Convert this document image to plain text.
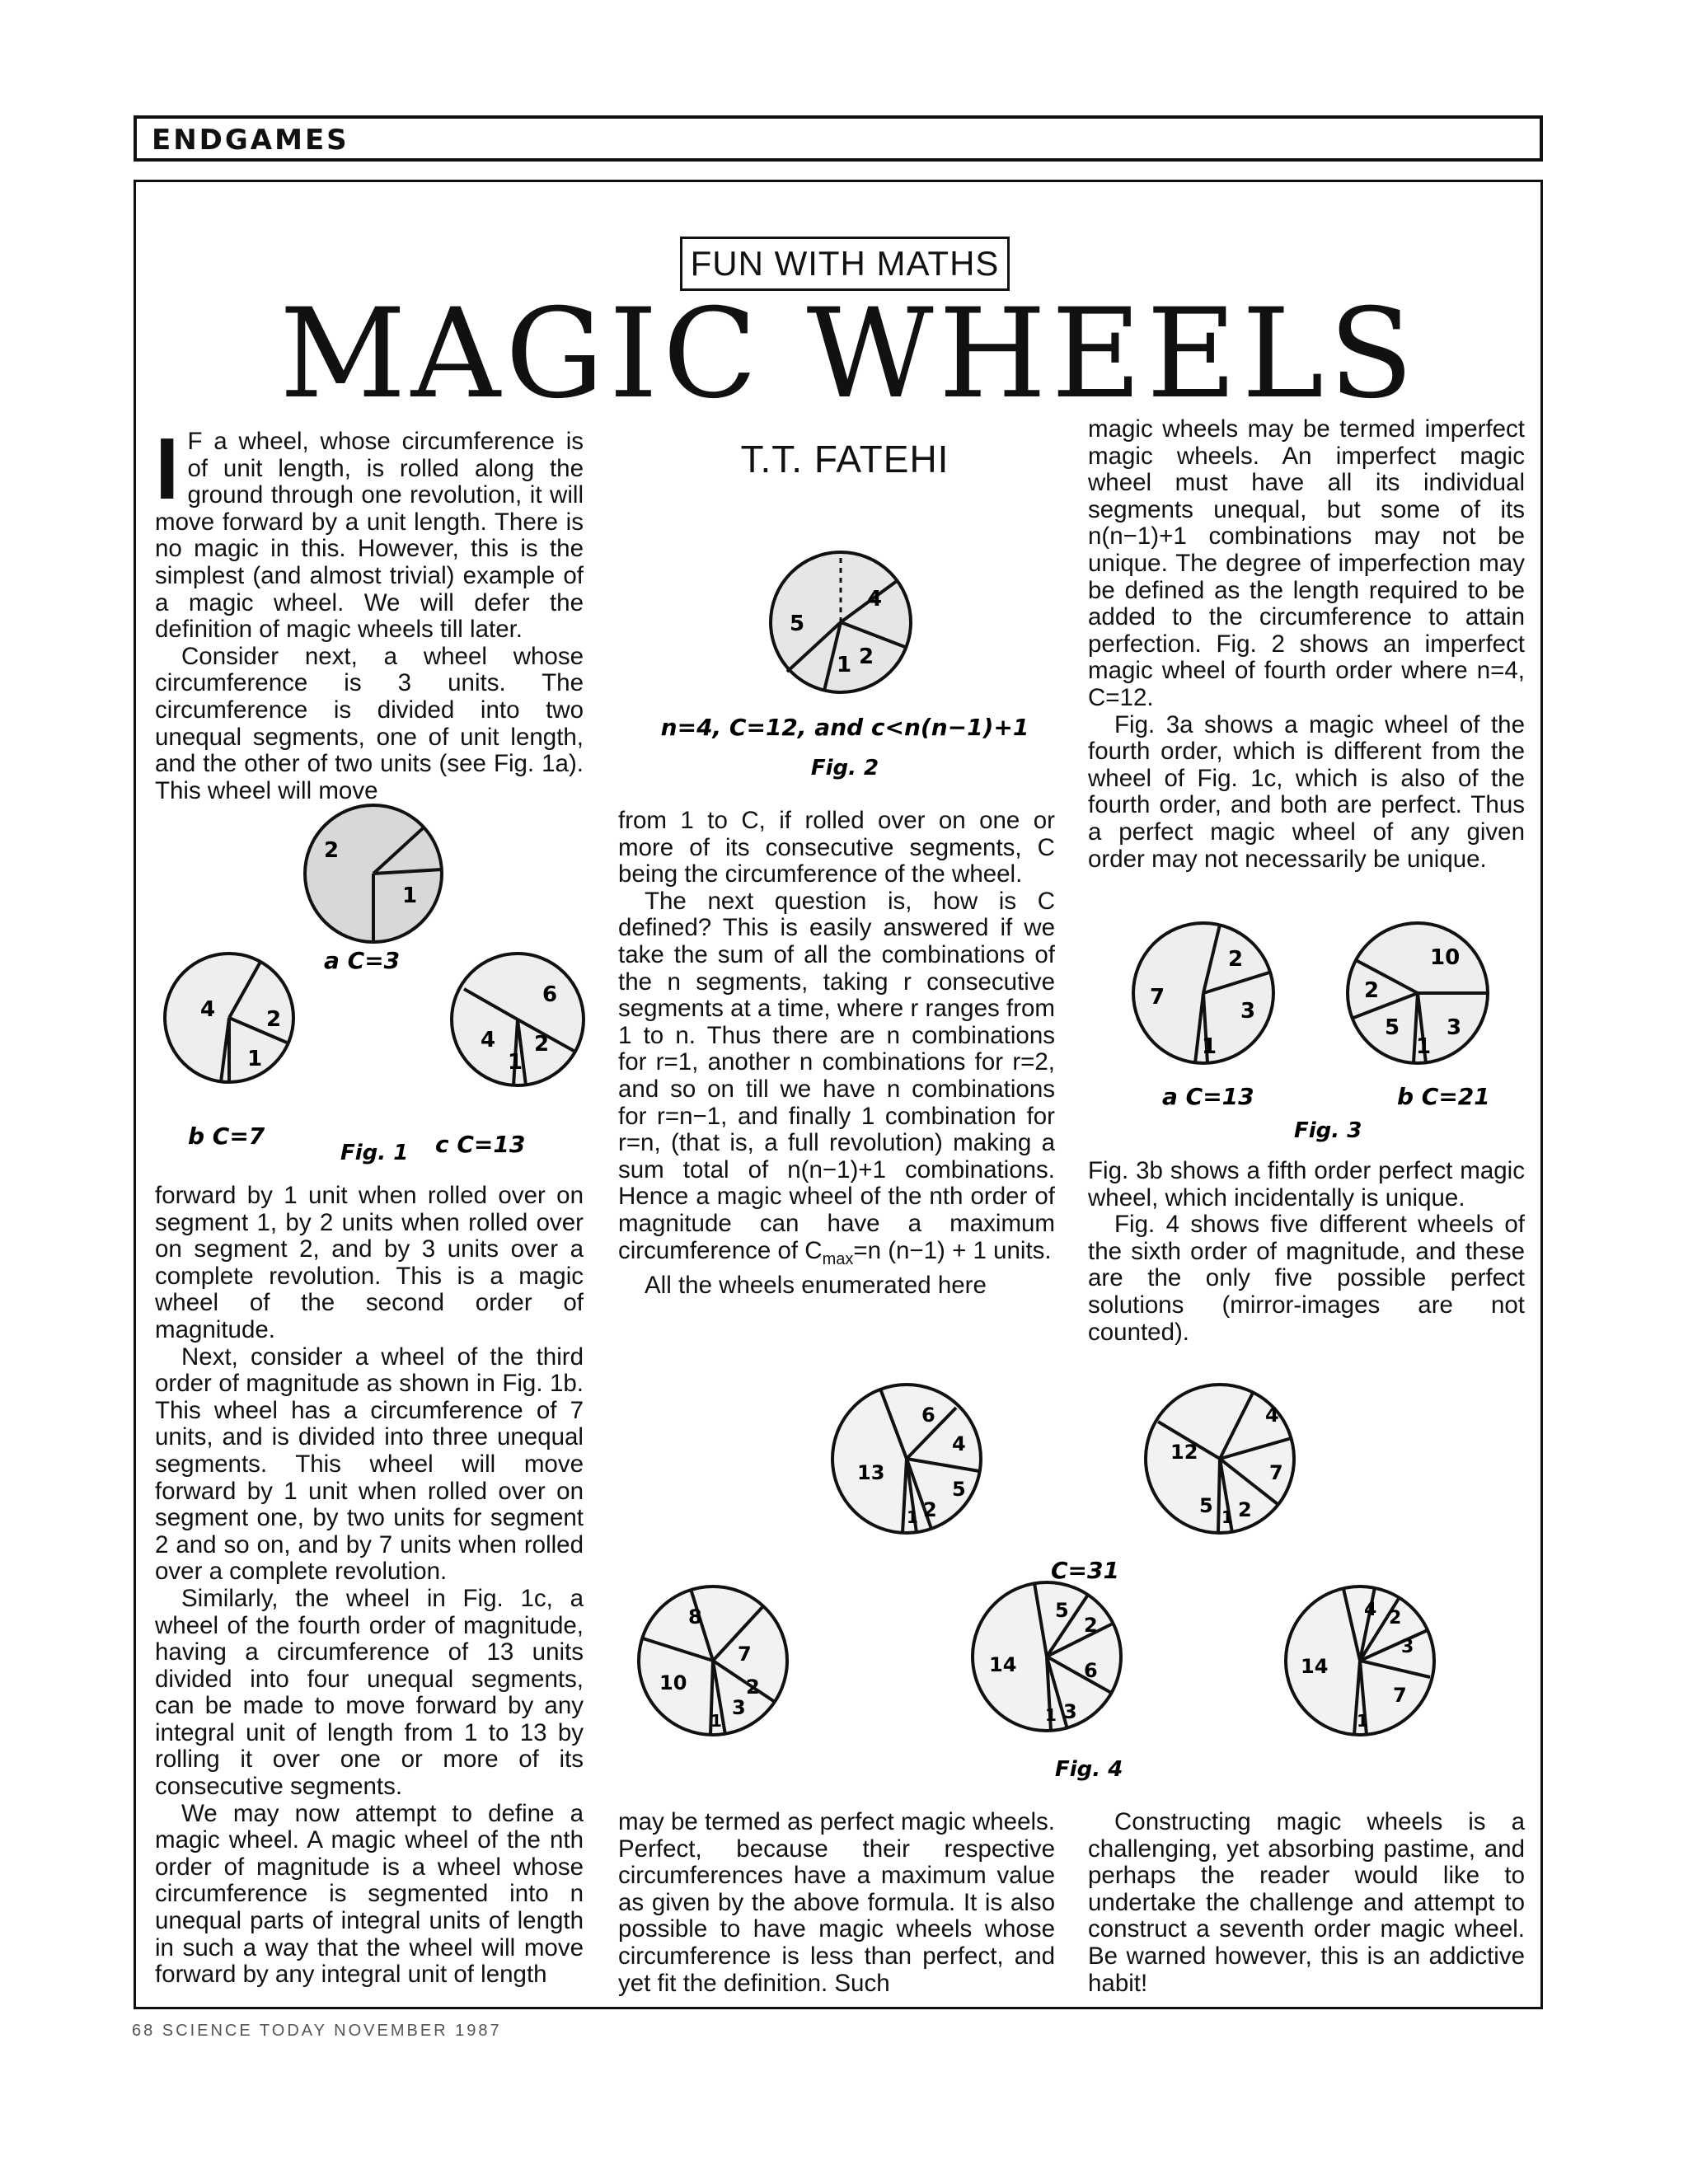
ENDGAMES
FUN WITH MATHS
MAGIC WHEELS
T.T. FATEHI

I F a wheel, whose circumference is of unit length, is rolled along the ground through one revolution, it will move forward by a unit length. There is no magic in this. However, this is the simplest (and almost trivial) example of a magic wheel. We will defer the definition of magic wheels till later.

Consider next, a wheel whose circumference is 3 units. The circumference is divided into two unequal segments, one of unit length, and the other of two units (see Fig. 1a). This wheel will move

2
1
a C=3
4 2
1
b C=7
6
4
1
2
c C=13
Fig. 1

forward by 1 unit when rolled over on segment 1, by 2 units when rolled over on segment 2, and by 3 units over a complete revolution. This is a magic wheel of the second order of magnitude.

Next, consider a wheel of the third order of magnitude as shown in Fig. 1b. This wheel has a circumference of 7 units, and is divided into three unequal segments. This wheel will move forward by 1 unit when rolled over on segment one, by two units for segment 2 and so on, and by 7 units when rolled over a complete revolution.

Similarly, the wheel in Fig. 1c, a wheel of the fourth order of magnitude, having a circumference of 13 units divided into four unequal segments, can be made to move forward by any integral unit of length from 1 to 13 by rolling it over one or more of its consecutive segments.

We may now attempt to define a magic wheel. A magic wheel of the nth order of magnitude is a wheel whose circumference is segmented into n unequal parts of integral units of length in such a way that the wheel will move forward by any integral unit of length

5
4
1 2
n=4, C=12, and c<n(n−1)+1
Fig. 2

from 1 to C, if rolled over on one or more of its consecutive segments, C being the circumference of the wheel.

The next question is, how is C defined? This is easily answered if we take the sum of all the combinations of the n segments, taking r consecutive segments at a time, where r ranges from 1 to n. Thus there are n combinations for r=1, another n combinations for r=2, and so on till we have n combinations for r=n−1, and finally 1 combination for r=n, (that is, a full revolution) making a sum total of n(n−1)+1 combinations. Hence a magic wheel of the nth order of magnitude can have a maximum circumference of $C_{max}=n$ (n−1) + 1 units.

All the wheels enumerated here

magic wheels may be termed imperfect magic wheels. An imperfect magic wheel must have all its individual segments unequal, but some of its n(n−1)+1 combinations may not be unique. The degree of imperfection may be defined as the length required to be added to the circumference to attain perfection. Fig. 2 shows an imperfect magic wheel of fourth order where n=4, C=12.

Fig. 3a shows a magic wheel of the fourth order, which is different from the wheel of Fig. 1c, which is also of the fourth order, and both are perfect. Thus a perfect magic wheel of any given order may not necessarily be unique.

7
2
3
1
10
2
5
1
3
a C=13	b C=21
Fig. 3

Fig. 3b shows a fifth order perfect magic wheel, which incidentally is unique.

Fig. 4 shows five different wheels of the sixth order of magnitude, and these are the only five possible perfect solutions (mirror-images are not counted).

6
4
13
5
1 2
4
12
7
5 1 2
C=31
8
7
10
1
3
2
5
2
14	6
1 3
4 2
3
14
1
7
Fig. 4

may be termed as perfect magic wheels. Perfect, because their respective circumferences have a maximum value as given by the above formula. It is also possible to have magic wheels whose circumference is less than perfect, and yet fit the definition. Such

Constructing magic wheels is a challenging, yet absorbing pastime, and perhaps the reader would like to undertake the challenge and attempt to construct a seventh order magic wheel. Be warned however, this is an addictive habit!

68 SCIENCE TODAY NOVEMBER 1987
